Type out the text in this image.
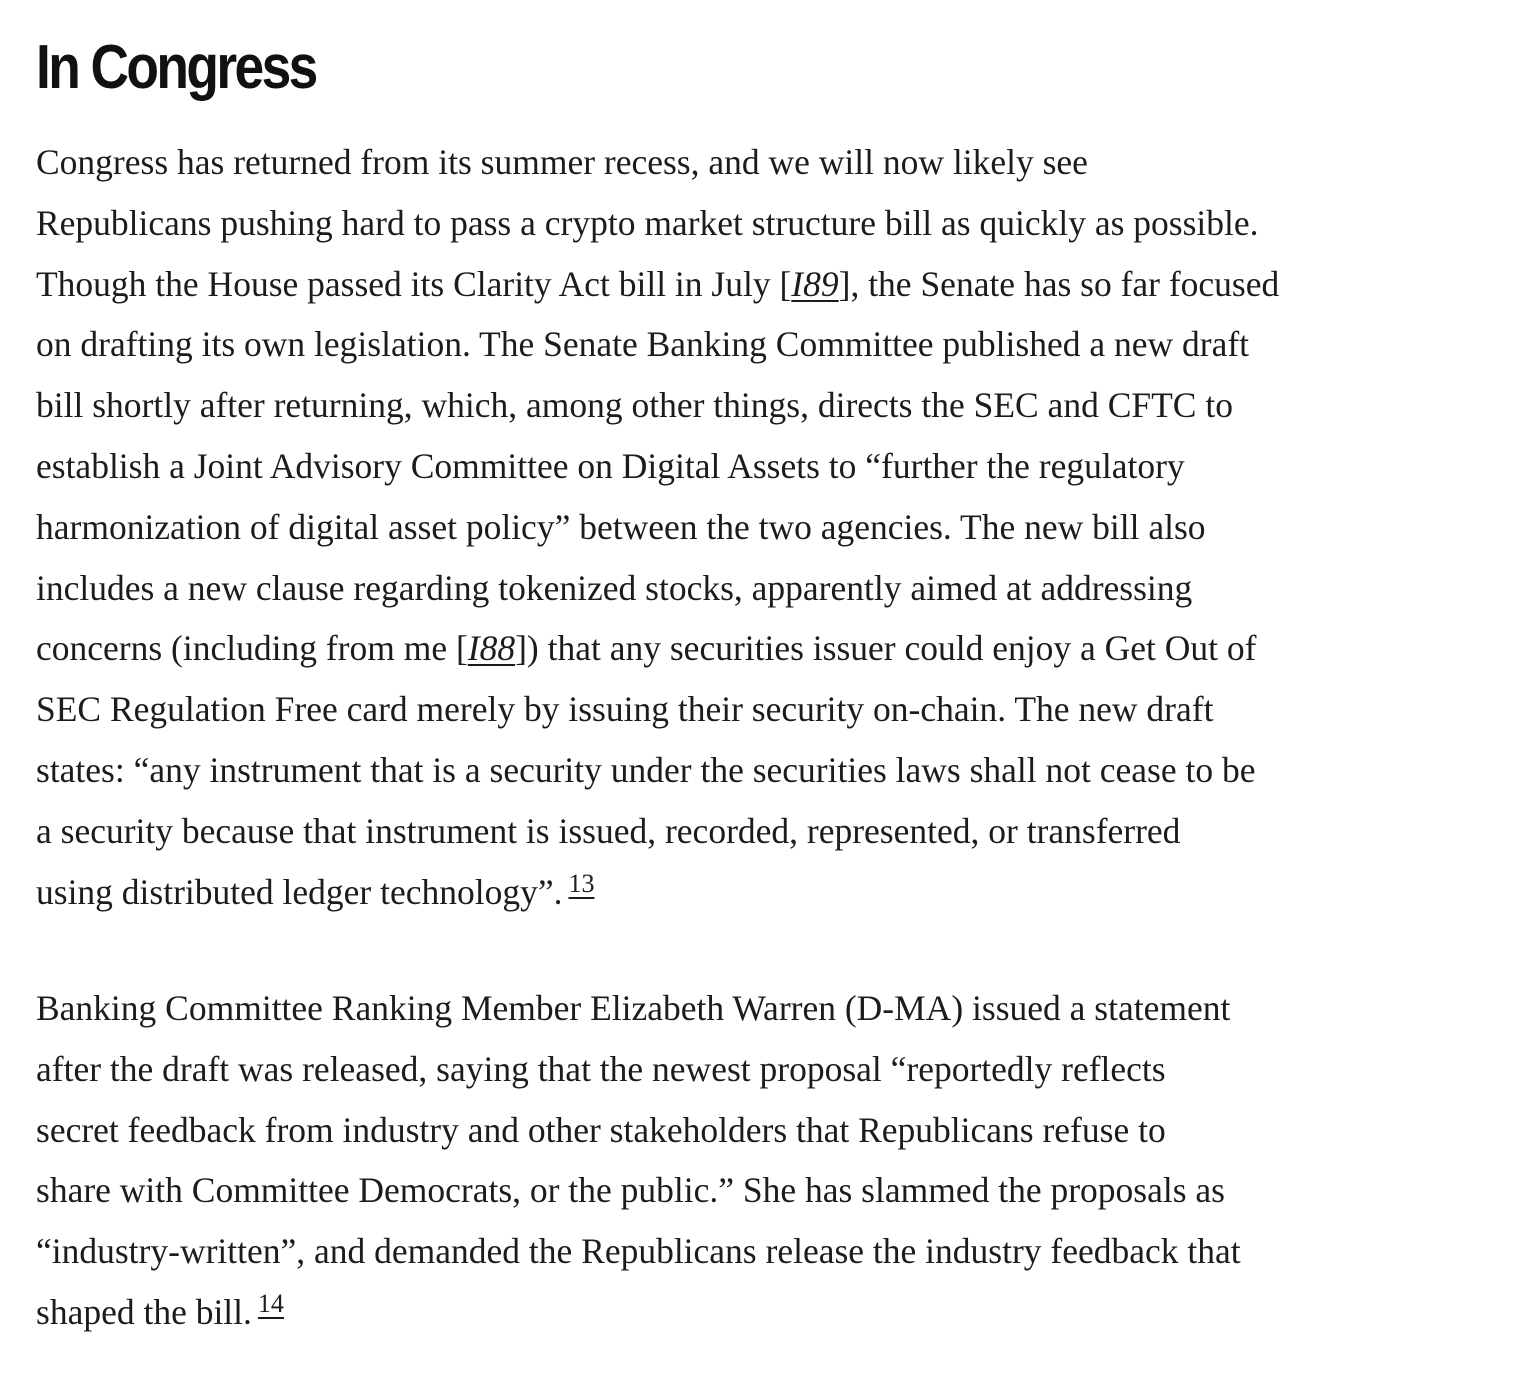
In Congress

Congress has returned from its summer recess, and we will now likely see
Republicans pushing hard to pass a crypto market structure bill as quickly as possible.
Though the House passed its Clarity Act bill in July [I89], the Senate has so far focused
on drafting its own legislation. The Senate Banking Committee published a new draft
bill shortly after returning, which, among other things, directs the SEC and CFTC to
establish a Joint Advisory Committee on Digital Assets to “further the regulatory
harmonization of digital asset policy” between the two agencies. The new bill also
includes a new clause regarding tokenized stocks, apparently aimed at addressing
concerns (including from me [I88]) that any securities issuer could enjoy a Get Out of
SEC Regulation Free card merely by issuing their security on-chain. The new draft
states: “any instrument that is a security under the securities laws shall not cease to be
a security because that instrument is issued, recorded, represented, or transferred
using distributed ledger technology”. $^{13}$

Banking Committee Ranking Member Elizabeth Warren (D-MA) issued a statement
after the draft was released, saying that the newest proposal “reportedly reflects
secret feedback from industry and other stakeholders that Republicans refuse to
share with Committee Democrats, or the public.” She has slammed the proposals as
“industry-written”, and demanded the Republicans release the industry feedback that
shaped the bill. $^{14}$
